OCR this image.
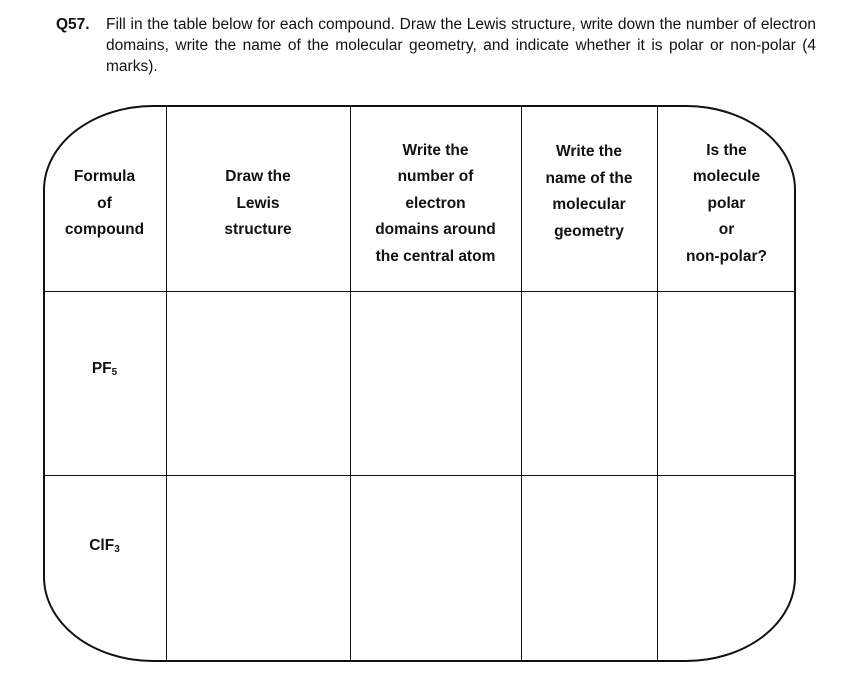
Q57.	Fill in the table below for each compound. Draw the Lewis structure, write down the number of electron domains, write the name of the molecular geometry, and indicate whether it is polar or non-polar (4 marks).
Formula
of
compound
Draw the
Lewis
structure
Write the
number of
electron
domains around
the central atom
Write the
name of the
molecular
geometry
Is the
molecule
polar
or
non-polar?
$PF_5$
ClF$_3$
